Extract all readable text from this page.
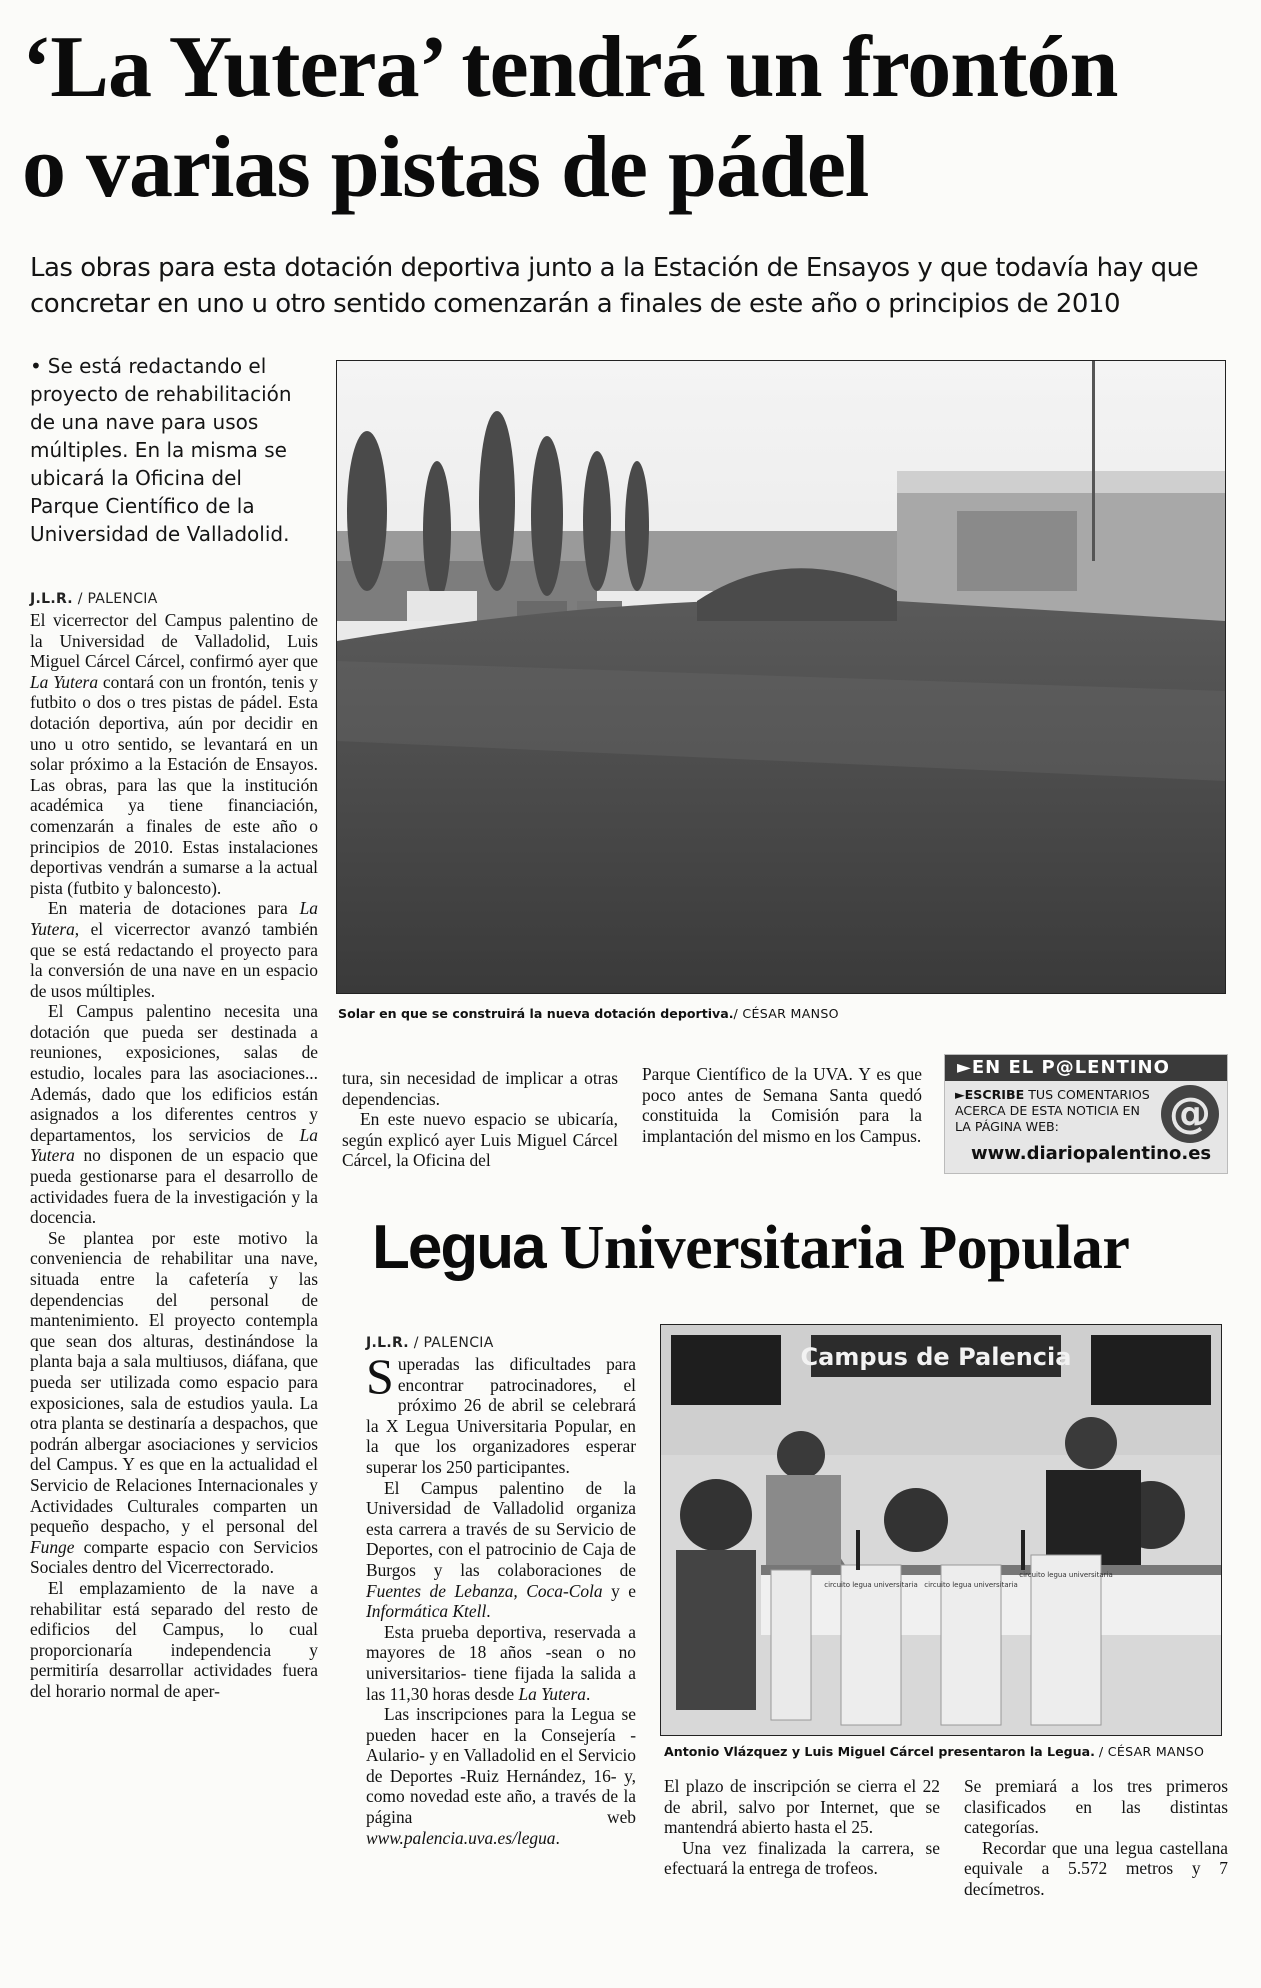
‘La Yutera’ tendrá un frontón
o varias pistas de pádel
Las obras para esta dotación deportiva junto a la Estación de Ensayos y que todavía hay que
concretar en uno u otro sentido comenzarán a finales de este año o principios de 2010
• Se está redactando el proyecto de rehabilitación de una nave para usos múltiples. En la misma se ubicará la Oficina del Parque Científico de la Universidad de Valladolid.
J.L.R. / PALENCIA

El vicerrector del Campus palentino de la Universidad de Valladolid, Luis Miguel Cárcel Cárcel, confirmó ayer que La Yutera contará con un frontón, tenis y futbito o dos o tres pistas de pádel. Esta dotación deportiva, aún por decidir en uno u otro sentido, se levantará en un solar próximo a la Estación de Ensayos. Las obras, para las que la institución académica ya tiene financiación, comenzarán a finales de este año o principios de 2010. Estas instalaciones deportivas vendrán a sumarse a la actual pista (futbito y baloncesto).

En materia de dotaciones para La Yutera, el vicerrector avanzó también que se está redactando el proyecto para la conversión de una nave en un espacio de usos múltiples.

El Campus palentino necesita una dotación que pueda ser destinada a reuniones, exposiciones, salas de estudio, locales para las asociaciones... Además, dado que los edificios están asignados a los diferentes centros y departamentos, los servicios de La Yutera no disponen de un espacio que pueda gestionarse para el desarrollo de actividades fuera de la investigación y la docencia.

Se plantea por este motivo la conveniencia de rehabilitar una nave, situada entre la cafetería y las dependencias del personal de mantenimiento. El proyecto contempla que sean dos alturas, destinándose la planta baja a sala multiusos, diáfana, que pueda ser utilizada como espacio para exposiciones, sala de estudios yaula. La otra planta se destinaría a despachos, que podrán albergar asociaciones y servicios del Campus. Y es que en la actualidad el Servicio de Relaciones Internacionales y Actividades Culturales comparten un pequeño despacho, y el personal del Funge comparte espacio con Servicios Sociales dentro del Vicerrectorado.

El emplazamiento de la nave a rehabilitar está separado del resto de edificios del Campus, lo cual proporcionaría independencia y permitiría desarrollar actividades fuera del horario normal de aper-

Solar en que se construirá la nueva dotación deportiva./ CÉSAR MANSO

tura, sin necesidad de implicar a otras dependencias.

En este nuevo espacio se ubicaría, según explicó ayer Luis Miguel Cárcel Cárcel, la Oficina del

Parque Científico de la UVA. Y es que poco antes de Semana Santa quedó constituida la Comisión para la implantación del mismo en los Campus.

►EN EL P@LENTINO
►ESCRIBE TUS COMENTARIOS ACERCA DE ESTA NOTICIA EN LA PÁGINA WEB:	@
www.diariopalentino.es
Legua Universitaria Popular
J.L.R. / PALENCIA

Superadas las dificultades para encontrar patrocinadores, el próximo 26 de abril se celebrará la X Legua Universitaria Popular, en la que los organizadores esperar superar los 250 participantes.

El Campus palentino de la Universidad de Valladolid organiza esta carrera a través de su Servicio de Deportes, con el patrocinio de Caja de Burgos y las colaboraciones de Fuentes de Lebanza, Coca-Cola y e Informática Ktell.

Esta prueba deportiva, reservada a mayores de 18 años -sean o no universitarios- tiene fijada la salida a las 11,30 horas desde La Yutera.

Las inscripciones para la Legua se pueden hacer en la Consejería -Aulario- y en Valladolid en el Servicio de Deportes -Ruiz Hernández, 16- y, como novedad este año, a través de la página web www.palencia.uva.es/legua.

Campus de Palencia
circuito legua universitaria circuito legua universitaria
circuito legua universitaria
Antonio Vlázquez y Luis Miguel Cárcel presentaron la Legua. / CÉSAR MANSO

El plazo de inscripción se cierra el 22 de abril, salvo por Internet, que se mantendrá abierto hasta el 25.

Una vez finalizada la carrera, se efectuará la entrega de trofeos.

Se premiará a los tres primeros clasificados en las distintas categorías.

Recordar que una legua castellana equivale a 5.572 metros y 7 decímetros.
